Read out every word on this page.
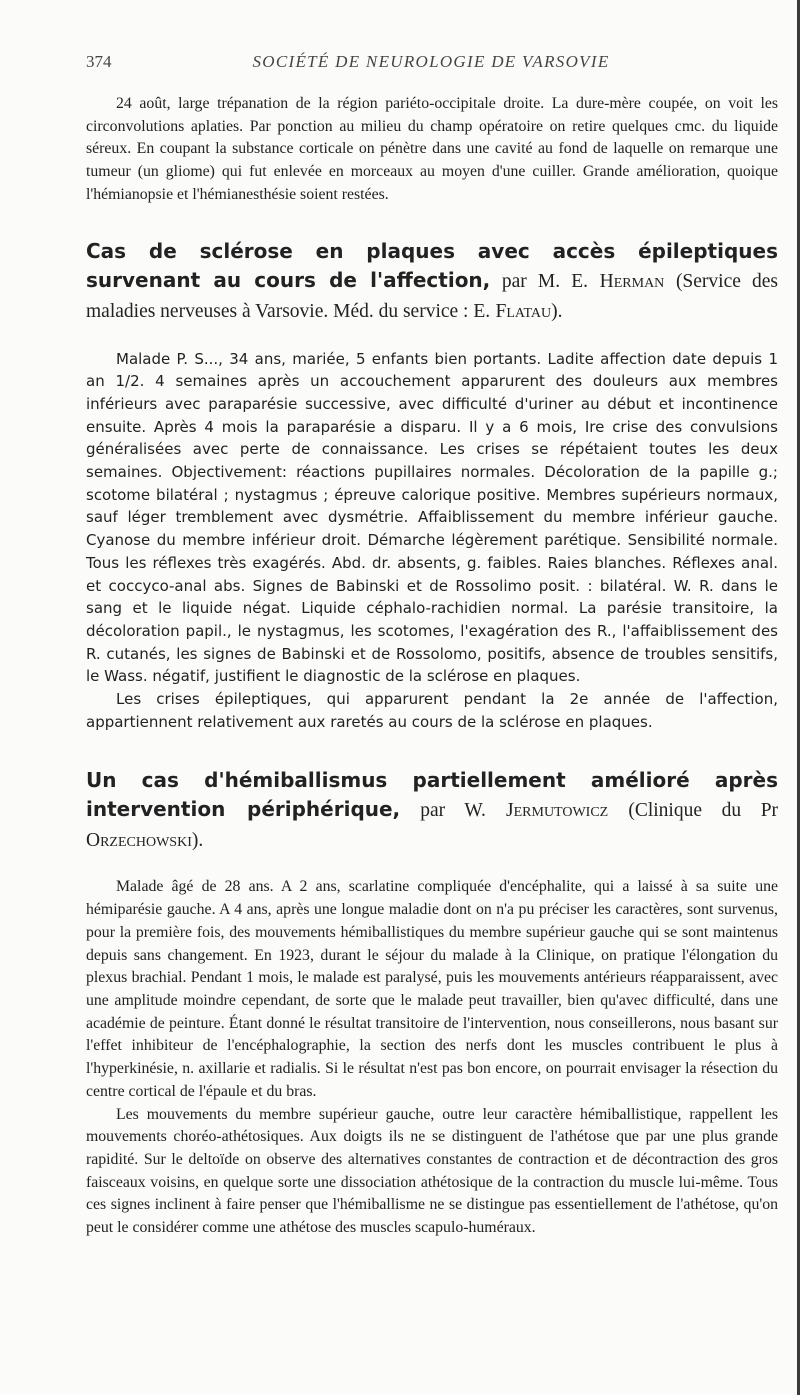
374	SOCIÉTÉ DE NEUROLOGIE DE VARSOVIE

24 août, large trépanation de la région pariéto-occipitale droite. La dure-mère coupée, on voit les circonvolutions aplaties. Par ponction au milieu du champ opératoire on retire quelques cmc. du liquide séreux. En coupant la substance corticale on pénètre dans une cavité au fond de laquelle on remarque une tumeur (un gliome) qui fut enlevée en morceaux au moyen d'une cuiller. Grande amélioration, quoique l'hémianopsie et l'hémianesthésie soient restées.

Cas de sclérose en plaques avec accès épileptiques survenant au cours de l'affection, par M. E. Herman (Service des maladies nerveuses à Varsovie. Méd. du service : E. Flatau).

Malade P. S..., 34 ans, mariée, 5 enfants bien portants. Ladite affection date depuis 1 an 1/2. 4 semaines après un accouchement apparurent des douleurs aux membres inférieurs avec paraparésie successive, avec difficulté d'uriner au début et incontinence ensuite. Après 4 mois la paraparésie a disparu. Il y a 6 mois, Ire crise des convulsions généralisées avec perte de connaissance. Les crises se répétaient toutes les deux semaines. Objectivement: réactions pupillaires normales. Décoloration de la papille g.; scotome bilatéral ; nystagmus ; épreuve calorique positive. Membres supérieurs normaux, sauf léger tremblement avec dysmétrie. Affaiblissement du membre inférieur gauche. Cyanose du membre inférieur droit. Démarche légèrement parétique. Sensibilité normale. Tous les réflexes très exagérés. Abd. dr. absents, g. faibles. Raies blanches. Réflexes anal. et coccyco-anal abs. Signes de Babinski et de Rossolimo posit. : bilatéral. W. R. dans le sang et le liquide négat. Liquide céphalo-rachidien normal. La parésie transitoire, la décoloration papil., le nystagmus, les scotomes, l'exagération des R., l'affaiblissement des R. cutanés, les signes de Babinski et de Rossolomo, positifs, absence de troubles sensitifs, le Wass. négatif, justifient le diagnostic de la sclérose en plaques.

Les crises épileptiques, qui apparurent pendant la 2e année de l'affection, appartiennent relativement aux raretés au cours de la sclérose en plaques.

Un cas d'hémiballismus partiellement amélioré après intervention périphérique, par W. Jermutowicz (Clinique du Pr Orzechowski).

Malade âgé de 28 ans. A 2 ans, scarlatine compliquée d'encéphalite, qui a laissé à sa suite une hémiparésie gauche. A 4 ans, après une longue maladie dont on n'a pu préciser les caractères, sont survenus, pour la première fois, des mouvements hémiballistiques du membre supérieur gauche qui se sont maintenus depuis sans changement. En 1923, durant le séjour du malade à la Clinique, on pratique l'élongation du plexus brachial. Pendant 1 mois, le malade est paralysé, puis les mouvements antérieurs réapparaissent, avec une amplitude moindre cependant, de sorte que le malade peut travailler, bien qu'avec difficulté, dans une académie de peinture. Étant donné le résultat transitoire de l'intervention, nous conseillerons, nous basant sur l'effet inhibiteur de l'encéphalographie, la section des nerfs dont les muscles contribuent le plus à l'hyperkinésie, n. axillarie et radialis. Si le résultat n'est pas bon encore, on pourrait envisager la résection du centre cortical de l'épaule et du bras.

Les mouvements du membre supérieur gauche, outre leur caractère hémiballistique, rappellent les mouvements choréo-athétosiques. Aux doigts ils ne se distinguent de l'athétose que par une plus grande rapidité. Sur le deltoïde on observe des alternatives constantes de contraction et de décontraction des gros faisceaux voisins, en quelque sorte une dissociation athétosique de la contraction du muscle lui-même. Tous ces signes inclinent à faire penser que l'hémiballisme ne se distingue pas essentiellement de l'athétose, qu'on peut le considérer comme une athétose des muscles scapulo-huméraux.
